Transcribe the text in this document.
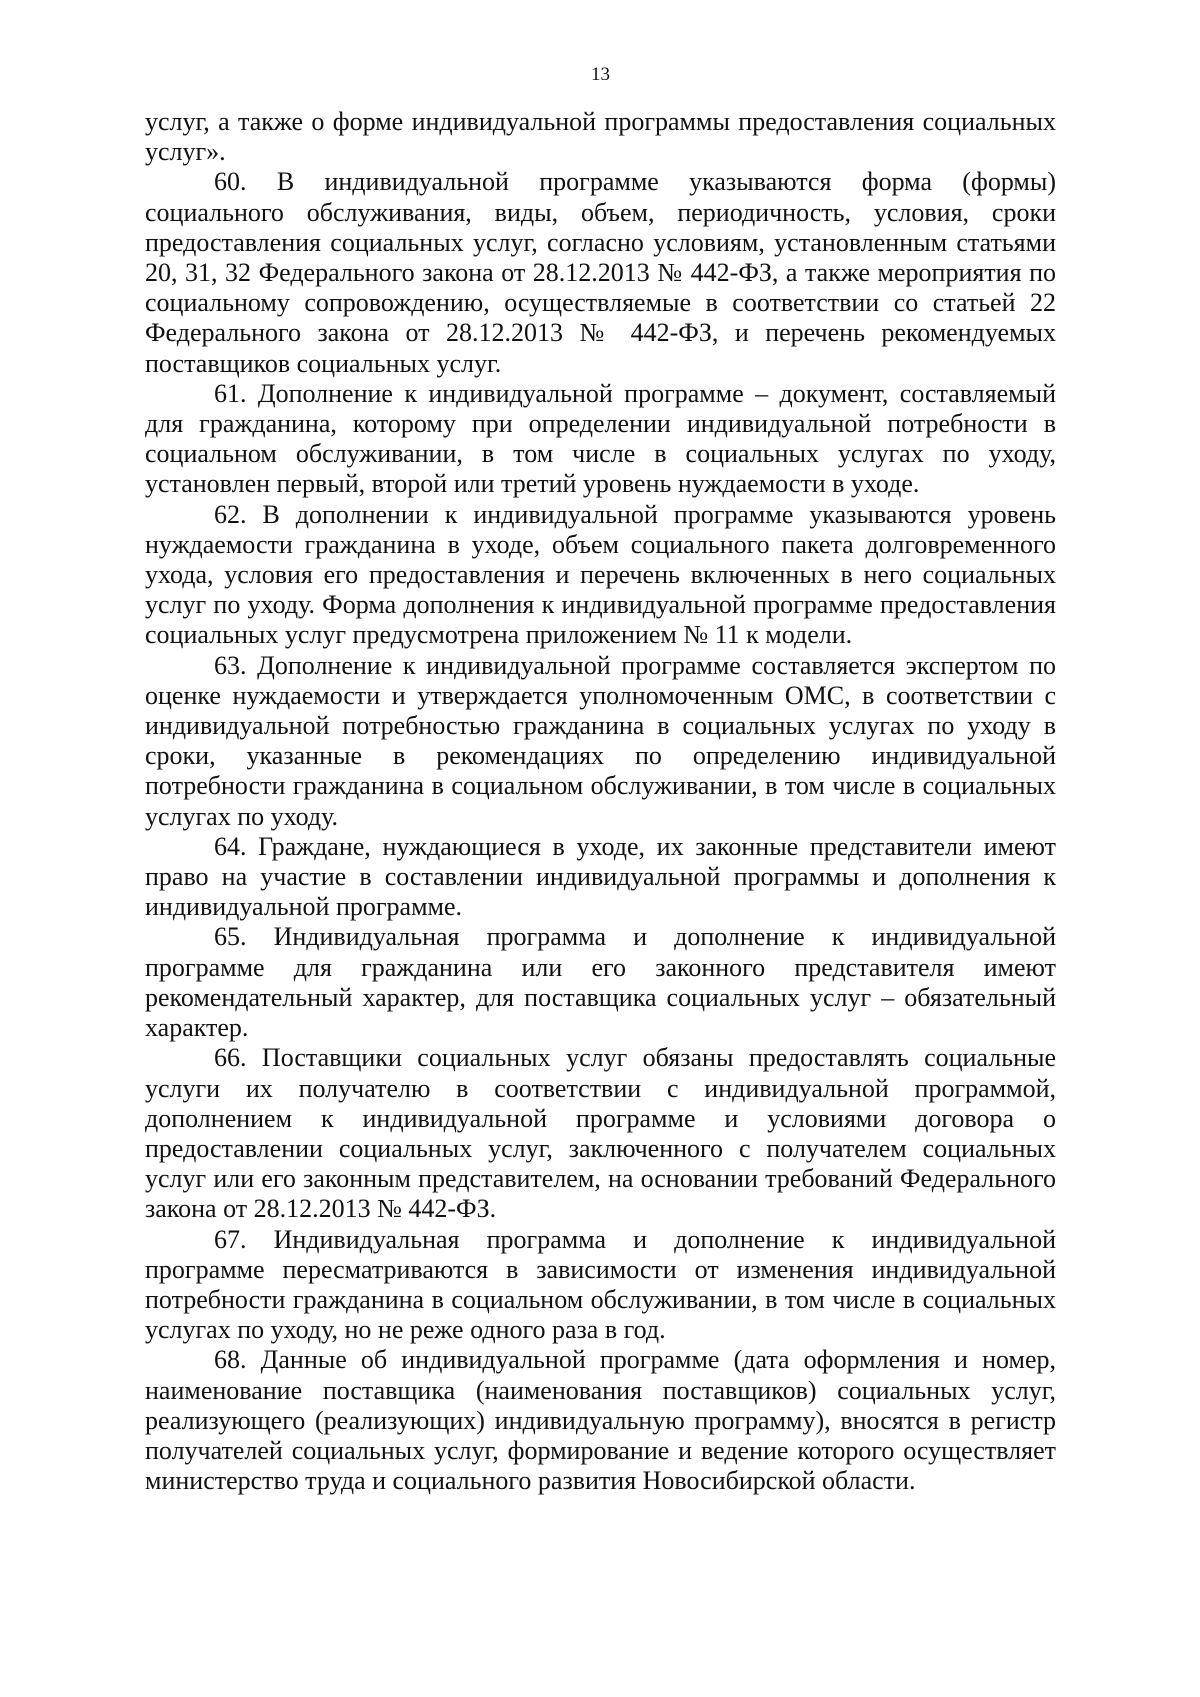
13

услуг, а также о форме индивидуальной программы предоставления социальных услуг».

60. В индивидуальной программе указываются форма (формы) социального обслуживания, виды, объем, периодичность, условия, сроки предоставления социальных услуг, согласно условиям, установленным статьями 20, 31, 32 Федерального закона от 28.12.2013 № 442-ФЗ, а также мероприятия по социальному сопровождению, осуществляемые в соответствии со статьей 22 Федерального закона от 28.12.2013 № 442-ФЗ, и перечень рекомендуемых поставщиков социальных услуг.

61. Дополнение к индивидуальной программе – документ, составляемый для гражданина, которому при определении индивидуальной потребности в социальном обслуживании, в том числе в социальных услугах по уходу, установлен первый, второй или третий уровень нуждаемости в уходе.

62. В дополнении к индивидуальной программе указываются уровень нуждаемости гражданина в уходе, объем социального пакета долговременного ухода, условия его предоставления и перечень включенных в него социальных услуг по уходу. Форма дополнения к индивидуальной программе предоставления социальных услуг предусмотрена приложением № 11 к модели.

63. Дополнение к индивидуальной программе составляется экспертом по оценке нуждаемости и утверждается уполномоченным ОМС, в соответствии с индивидуальной потребностью гражданина в социальных услугах по уходу в сроки, указанные в рекомендациях по определению индивидуальной потребности гражданина в социальном обслуживании, в том числе в социальных услугах по уходу.

64. Граждане, нуждающиеся в уходе, их законные представители имеют право на участие в составлении индивидуальной программы и дополнения к индивидуальной программе.

65. Индивидуальная программа и дополнение к индивидуальной программе для гражданина или его законного представителя имеют рекомендательный характер, для поставщика социальных услуг – обязательный характер.

66. Поставщики социальных услуг обязаны предоставлять социальные услуги их получателю в соответствии с индивидуальной программой, дополнением к индивидуальной программе и условиями договора о предоставлении социальных услуг, заключенного с получателем социальных услуг или его законным представителем, на основании требований Федерального закона от 28.12.2013 № 442-ФЗ.

67. Индивидуальная программа и дополнение к индивидуальной программе пересматриваются в зависимости от изменения индивидуальной потребности гражданина в социальном обслуживании, в том числе в социальных услугах по уходу, но не реже одного раза в год.

68. Данные об индивидуальной программе (дата оформления и номер, наименование поставщика (наименования поставщиков) социальных услуг, реализующего (реализующих) индивидуальную программу), вносятся в регистр получателей социальных услуг, формирование и ведение которого осуществляет министерство труда и социального развития Новосибирской области.
